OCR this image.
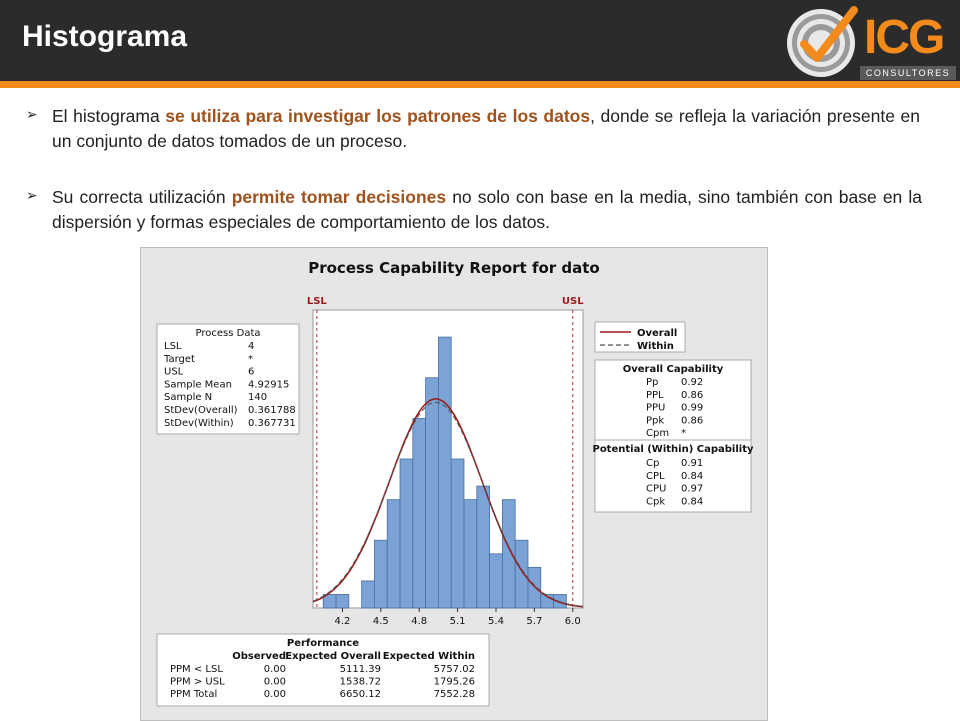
Histograma	ICG
CONSULTORES
➢ El histograma se utiliza para investigar los patrones de los datos, donde se refleja la variación presente en un conjunto de datos tomados de un proceso.
➢ Su correcta utilización permite tomar decisiones no solo con base en la media, sino también con base en la dispersión y formas especiales de comportamiento de los datos.
Process Capability Report for dato
LSL	USL
4.2 4.5 4.8 5.1 5.4 5.7 6.0
Process Data
LSL	4
Target	*
USL	6
Sample Mean 4.92915
Sample N	140
StDev(Overall) 0.361788
StDev(Within) 0.367731
Overall
Within
Overall Capability
Pp 0.92
PPL 0.86
PPU 0.99
Ppk 0.86
Cpm *
Potential (Within) Capability
Cp 0.91
CPL 0.84
CPU 0.97
Cpk 0.84
Performance
Observed Expected Overall Expected Within
PPM < LSL	0.00	5111.39	5757.02
PPM > USL	0.00	1538.72	1795.26
PPM Total	0.00	6650.12	7552.28
